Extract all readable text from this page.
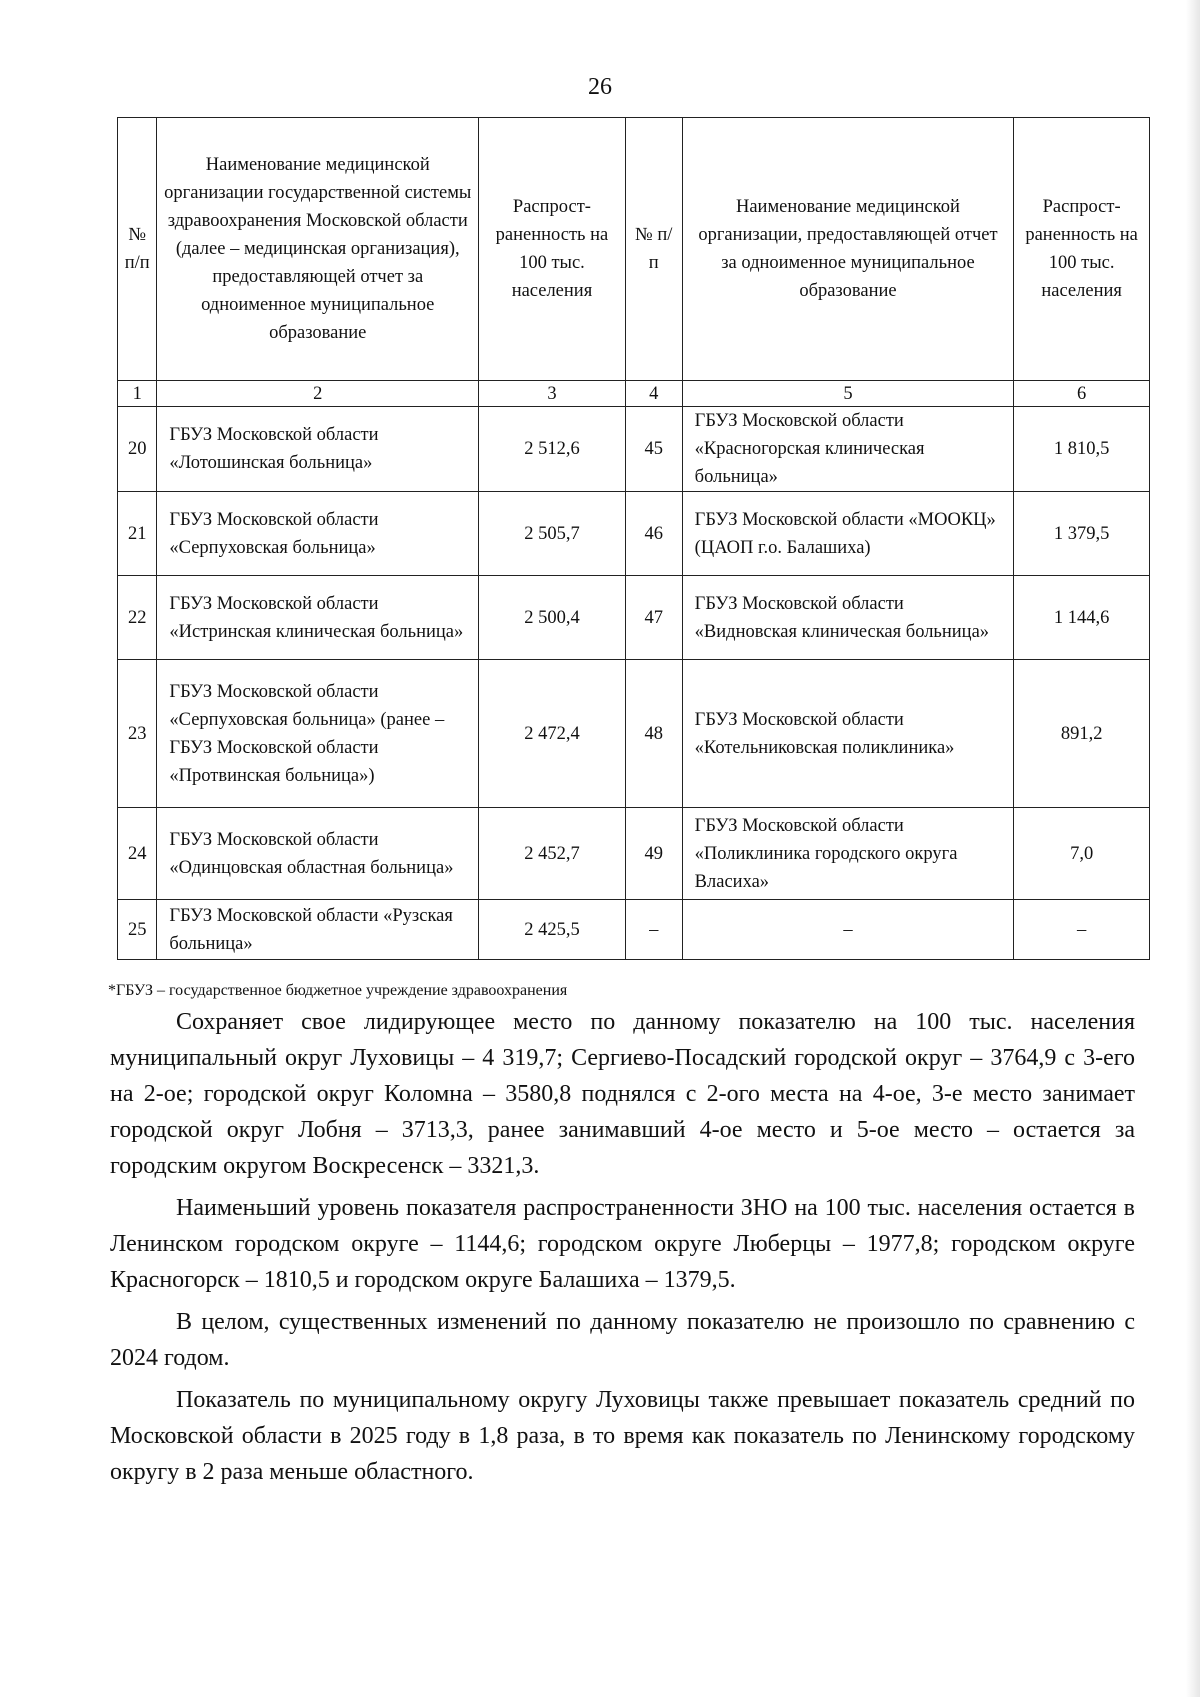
26
№ п/п	Наименование медицинской организации государственной системы здравоохранения Московской области (далее – медицинская организация), предоставляющей отчет за одноименное муниципальное образование	Распрост-раненность на 100 тыс. населения	№ п/п	Наименование медицинской организации, предоставляющей отчет за одноименное муниципальное образование	Распрост-раненность на 100 тыс. населения
1	2	3	4	5	6
20	ГБУЗ Московской области «Лотошинская больница»	2 512,6	45	ГБУЗ Московской области «Красногорская клиническая больница»	1 810,5
21	ГБУЗ Московской области «Серпуховская больница»	2 505,7	46	ГБУЗ Московской области «МООКЦ» (ЦАОП г.о. Балашиха)	1 379,5
22	ГБУЗ Московской области «Истринская клиническая больница»	2 500,4	47	ГБУЗ Московской области «Видновская клиническая больница»	1 144,6
23	ГБУЗ Московской области «Серпуховская больница» (ранее – ГБУЗ Московской области «Протвинская больница»)	2 472,4	48	ГБУЗ Московской области «Котельниковская поликлиника»	891,2
24	ГБУЗ Московской области «Одинцовская областная больница»	2 452,7	49	ГБУЗ Московской области «Поликлиника городского округа Власиха»	7,0
25	ГБУЗ Московской области «Рузская больница»	2 425,5	–	–	–
*ГБУЗ – государственное бюджетное учреждение здравоохранения

Сохраняет свое лидирующее место по данному показателю на 100 тыс. населения муниципальный округ Луховицы – 4 319,7; Сергиево-Посадский городской округ – 3764,9 с 3-его на 2-ое; городской округ Коломна – 3580,8 поднялся с 2-ого места на 4-ое, 3-е место занимает городской округ Лобня – 3713,3, ранее занимавший 4-ое место и 5-ое место – остается за городским округом Воскресенск – 3321,3.

Наименьший уровень показателя распространенности ЗНО на 100 тыс. населения остается в Ленинском городском округе – 1144,6; городском округе Люберцы – 1977,8; городском округе Красногорск – 1810,5 и городском округе Балашиха – 1379,5.

В целом, существенных изменений по данному показателю не произошло по сравнению с 2024 годом.

Показатель по муниципальному округу Луховицы также превышает показатель средний по Московской области в 2025 году в 1,8 раза, в то время как показатель по Ленинскому городскому округу в 2 раза меньше областного.
